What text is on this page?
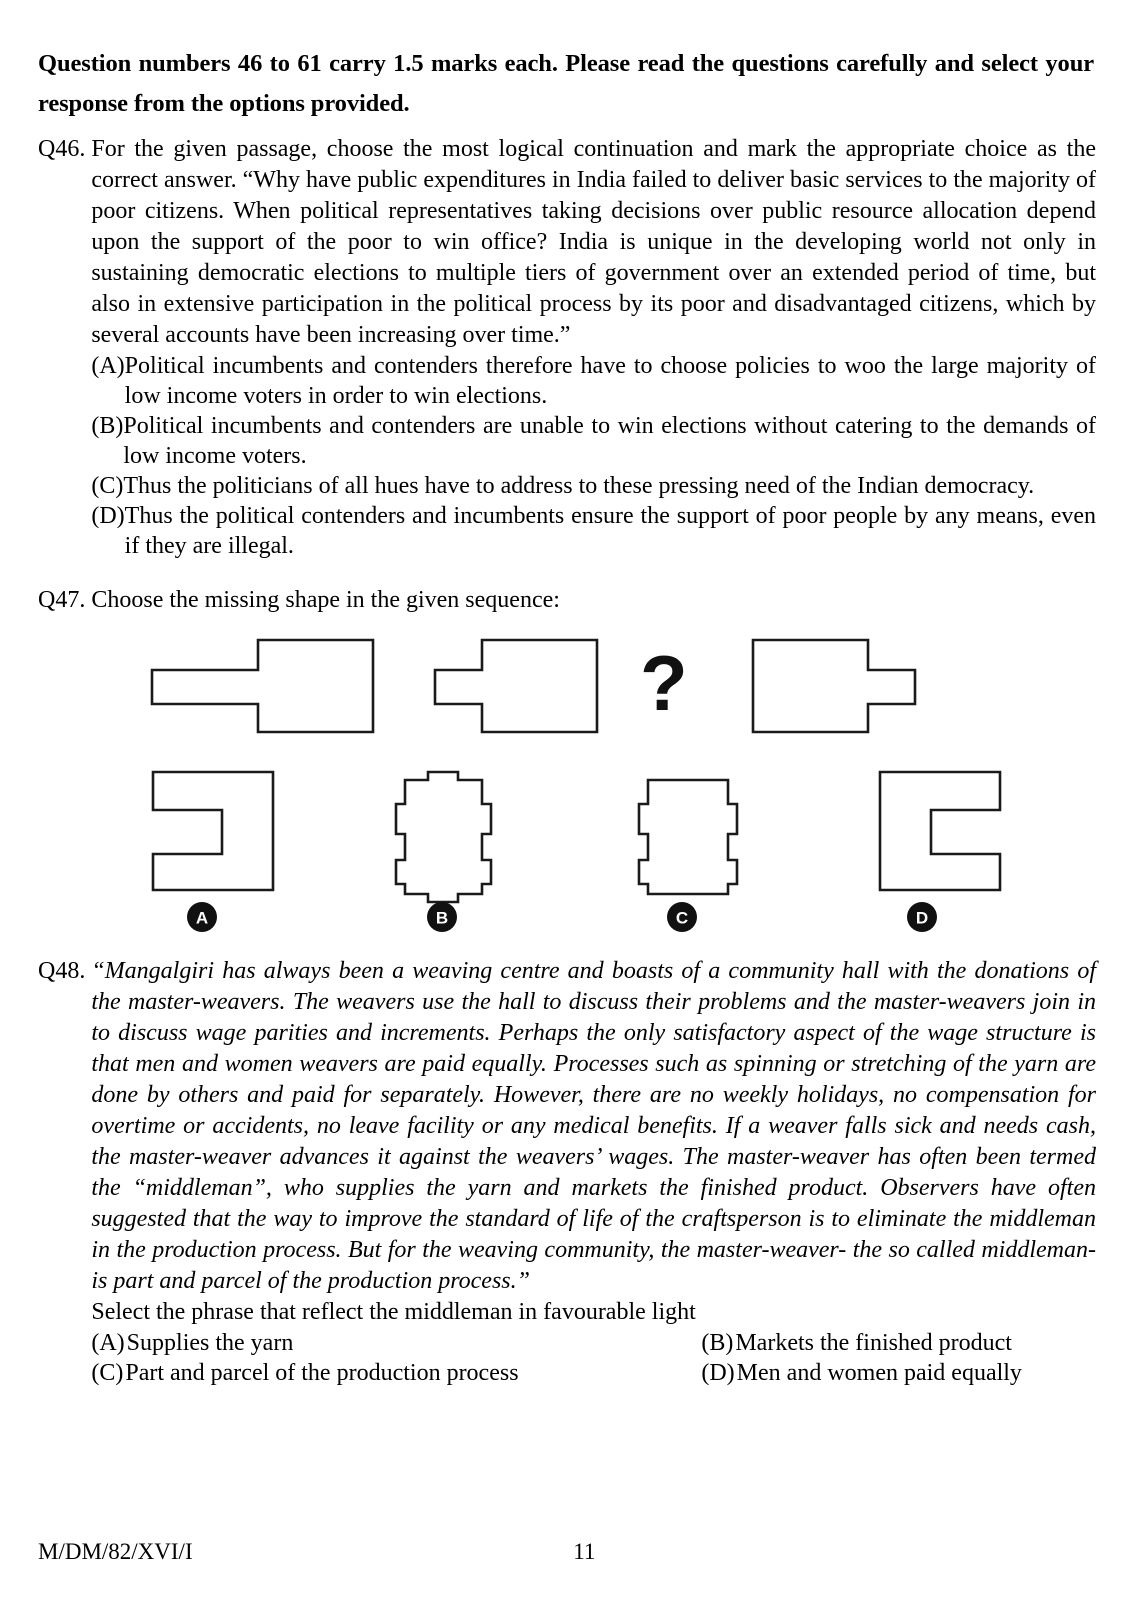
Question numbers 46 to 61 carry 1.5 marks each. Please read the questions carefully and select your response from the options provided.

Q46. For the given passage, choose the most logical continuation and mark the appropriate choice as the correct answer. “Why have public expenditures in India failed to deliver basic services to the majority of poor citizens. When political representatives taking decisions over public resource allocation depend upon the support of the poor to win office? India is unique in the developing world not only in sustaining democratic elections to multiple tiers of government over an extended period of time, but also in extensive participation in the political process by its poor and disadvantaged citizens, which by several accounts have been increasing over time.”

(A) Political incumbents and contenders therefore have to choose policies to woo the large majority of low income voters in order to win elections.
(B) Political incumbents and contenders are unable to win elections without catering to the demands of low income voters.
(C) Thus the politicians of all hues have to address to these pressing need of the Indian democracy.
(D) Thus the political contenders and incumbents ensure the support of poor people by any means, even if they are illegal.
Q47. Choose the missing shape in the given sequence:

?
A	B	C	D
Q48. “Mangalgiri has always been a weaving centre and boasts of a community hall with the donations of the master-weavers. The weavers use the hall to discuss their problems and the master-weavers join in to discuss wage parities and increments. Perhaps the only satisfactory aspect of the wage structure is that men and women weavers are paid equally. Processes such as spinning or stretching of the yarn are done by others and paid for separately. However, there are no weekly holidays, no compensation for overtime or accidents, no leave facility or any medical benefits. If a weaver falls sick and needs cash, the master-weaver advances it against the weavers’ wages. The master-weaver has often been termed the “middleman”, who supplies the yarn and markets the finished product. Observers have often suggested that the way to improve the standard of life of the craftsperson is to eliminate the middleman in the production process. But for the weaving community, the master-weaver- the so called middleman- is part and parcel of the production process.”

Select the phrase that reflect the middleman in favourable light

(A) Supplies the yarn	(B) Markets the finished product
(C) Part and parcel of the production process	(D) Men and women paid equally
M/DM/82/XVI/I	11
